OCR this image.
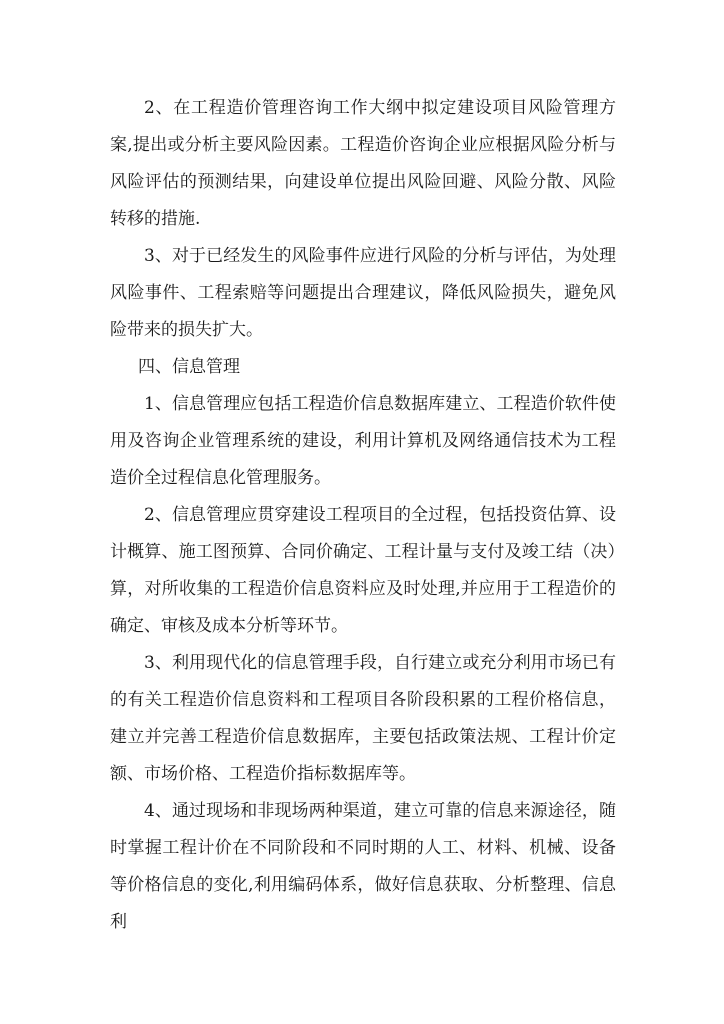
2、在工程造价管理咨询工作大纲中拟定建设项目风险管理方案,提出或分析主要风险因素。工程造价咨询企业应根据风险分析与风险评估的预测结果，向建设单位提出风险回避、风险分散、风险转移的措施.

3、对于已经发生的风险事件应进行风险的分析与评估，为处理风险事件、工程索赔等问题提出合理建议，降低风险损失，避免风险带来的损失扩大。

四、信息管理

1、信息管理应包括工程造价信息数据库建立、工程造价软件使用及咨询企业管理系统的建设，利用计算机及网络通信技术为工程造价全过程信息化管理服务。

2、信息管理应贯穿建设工程项目的全过程，包括投资估算、设计概算、施工图预算、合同价确定、工程计量与支付及竣工结（决）算，对所收集的工程造价信息资料应及时处理,并应用于工程造价的确定、审核及成本分析等环节。

3、利用现代化的信息管理手段，自行建立或充分利用市场已有的有关工程造价信息资料和工程项目各阶段积累的工程价格信息，建立并完善工程造价信息数据库，主要包括政策法规、工程计价定额、市场价格、工程造价指标数据库等。

4、通过现场和非现场两种渠道，建立可靠的信息来源途径，随时掌握工程计价在不同阶段和不同时期的人工、材料、机械、设备等价格信息的变化,利用编码体系，做好信息获取、分析整理、信息利
